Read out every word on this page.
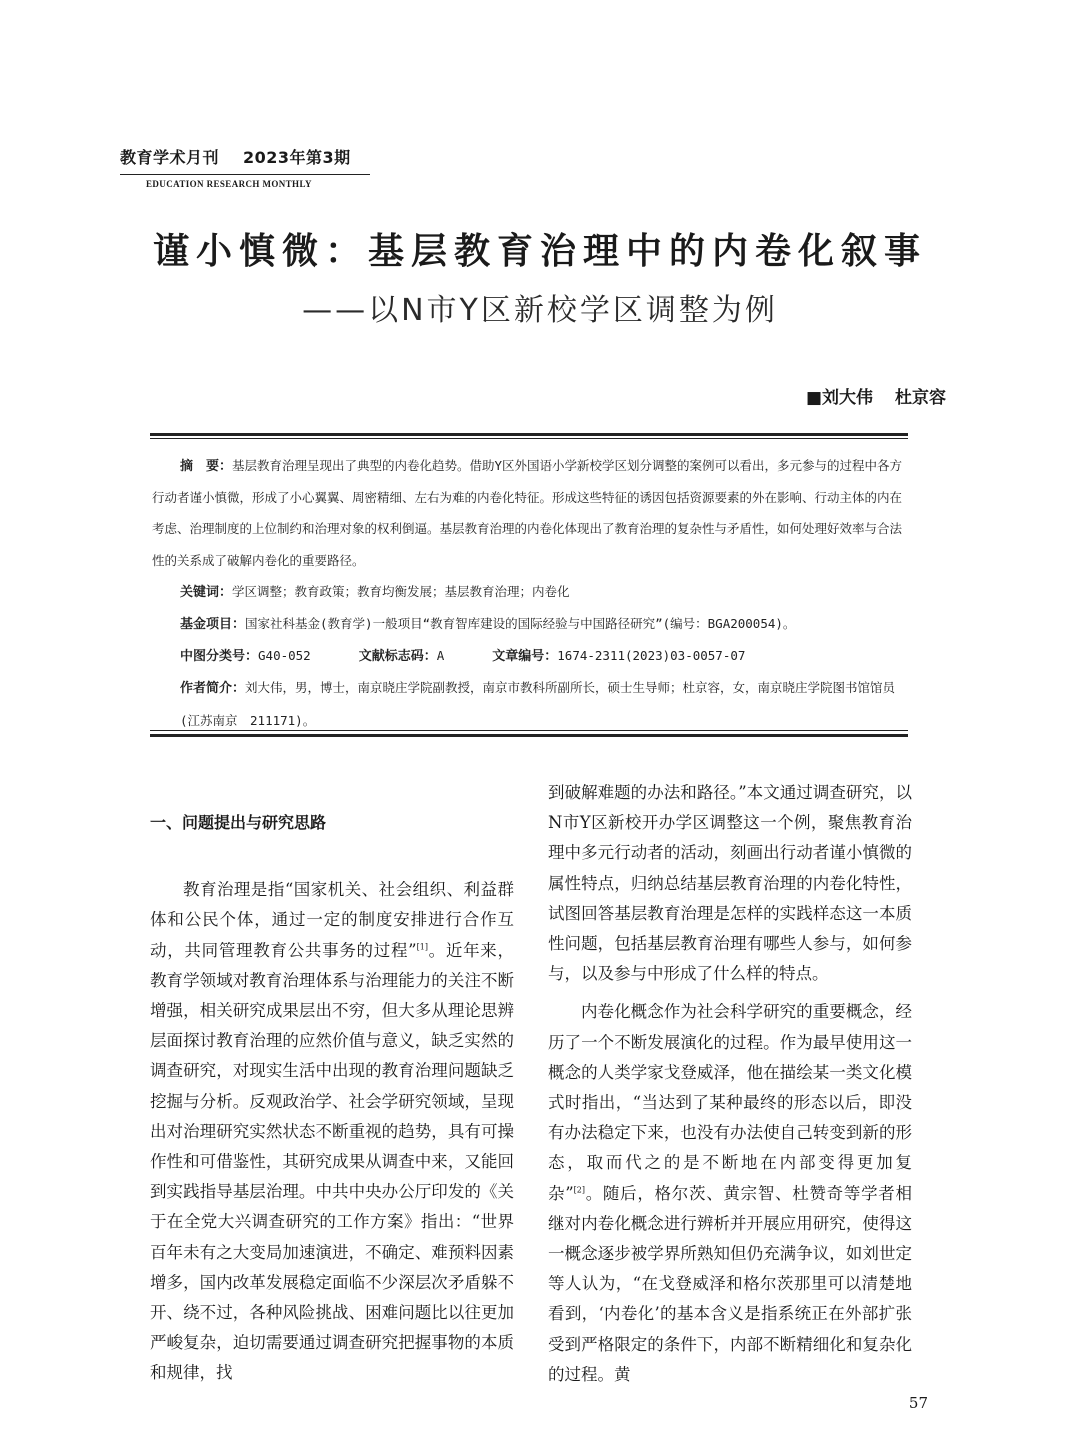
教育学术月刊 2023年第3期
EDUCATION RESEARCH MONTHLY
谨小慎微：基层教育治理中的内卷化叙事
——以N市Y区新校学区调整为例
■刘大伟 杜京容

摘　要：基层教育治理呈现出了典型的内卷化趋势。借助Y区外国语小学新校学区划分调整的案例可以看出，多元参与的过程中各方行动者谨小慎微，形成了小心翼翼、周密精细、左右为难的内卷化特征。形成这些特征的诱因包括资源要素的外在影响、行动主体的内在考虑、治理制度的上位制约和治理对象的权利倒逼。基层教育治理的内卷化体现出了教育治理的复杂性与矛盾性，如何处理好效率与合法性的关系成了破解内卷化的重要路径。

关键词：学区调整；教育政策；教育均衡发展；基层教育治理；内卷化

基金项目：国家社科基金(教育学)一般项目“教育智库建设的国际经验与中国路径研究”(编号：BGA200054)。

中图分类号：G40-052	文献标志码：A	文章编号：1674-2311(2023)03-0057-07

作者简介：刘大伟，男，博士，南京晓庄学院副教授，南京市教科所副所长，硕士生导师；杜京容，女，南京晓庄学院图书馆馆员(江苏南京　211171)。

一、问题提出与研究思路

教育治理是指“国家机关、社会组织、利益群体和公民个体，通过一定的制度安排进行合作互动，共同管理教育公共事务的过程”[1]。近年来，教育学领域对教育治理体系与治理能力的关注不断增强，相关研究成果层出不穷，但大多从理论思辨层面探讨教育治理的应然价值与意义，缺乏实然的调查研究，对现实生活中出现的教育治理问题缺乏挖掘与分析。反观政治学、社会学研究领域，呈现出对治理研究实然状态不断重视的趋势，具有可操作性和可借鉴性，其研究成果从调查中来，又能回到实践指导基层治理。中共中央办公厅印发的《关于在全党大兴调查研究的工作方案》指出：“世界百年未有之大变局加速演进，不确定、难预料因素增多，国内改革发展稳定面临不少深层次矛盾躲不开、绕不过，各种风险挑战、困难问题比以往更加严峻复杂，迫切需要通过调查研究把握事物的本质和规律，找

到破解难题的办法和路径。”本文通过调查研究，以N市Y区新校开办学区调整这一个例，聚焦教育治理中多元行动者的活动，刻画出行动者谨小慎微的属性特点，归纳总结基层教育治理的内卷化特性，试图回答基层教育治理是怎样的实践样态这一本质性问题，包括基层教育治理有哪些人参与，如何参与，以及参与中形成了什么样的特点。

内卷化概念作为社会科学研究的重要概念，经历了一个不断发展演化的过程。作为最早使用这一概念的人类学家戈登威泽，他在描绘某一类文化模式时指出，“当达到了某种最终的形态以后，即没有办法稳定下来，也没有办法使自己转变到新的形态，取而代之的是不断地在内部变得更加复杂”[2]。随后，格尔茨、黄宗智、杜赞奇等学者相继对内卷化概念进行辨析并开展应用研究，使得这一概念逐步被学界所熟知但仍充满争议，如刘世定等人认为，“在戈登威泽和格尔茨那里可以清楚地看到，‘内卷化’的基本含义是指系统正在外部扩张受到严格限定的条件下，内部不断精细化和复杂化的过程。黄

57
